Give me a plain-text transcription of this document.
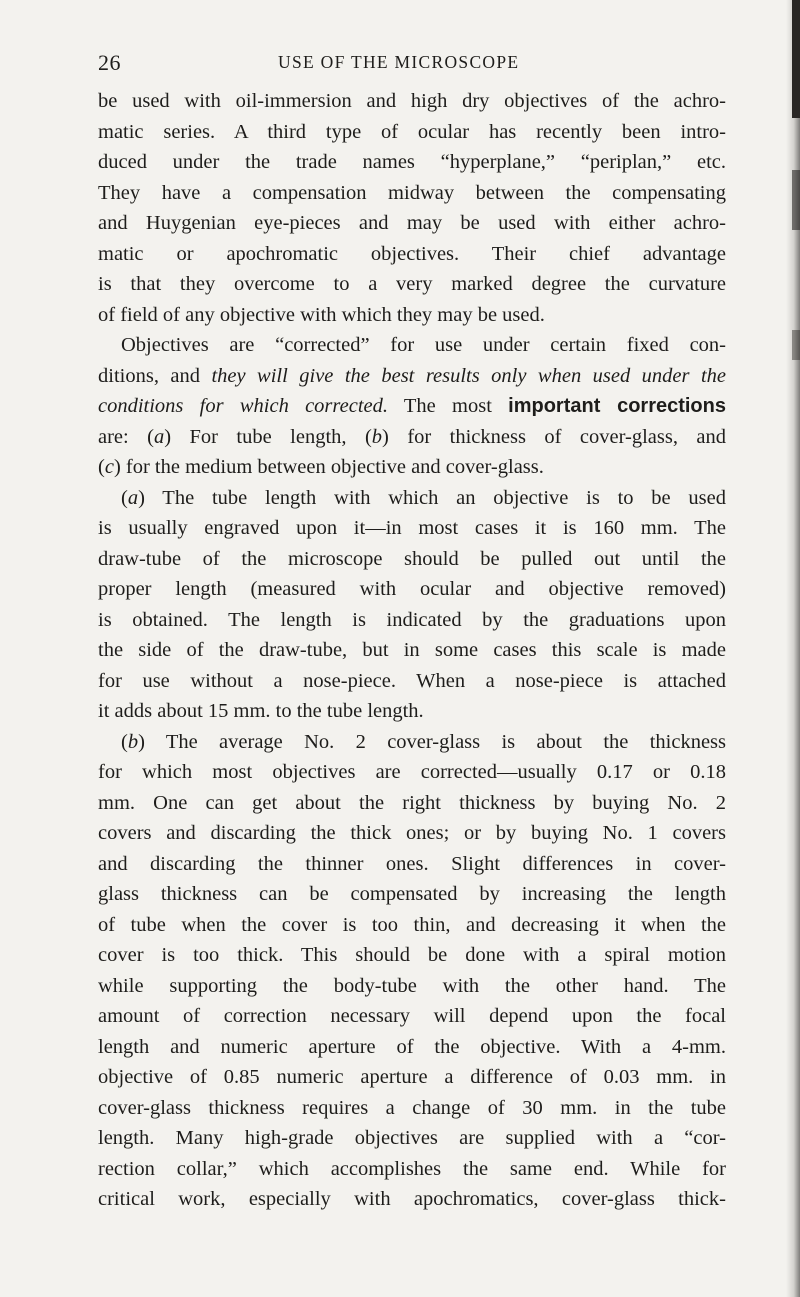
26	USE OF THE MICROSCOPE
be used with oil-immersion and high dry objectives of the achro-
matic series. A third type of ocular has recently been intro-
duced under the trade names “hyperplane,” “periplan,” etc.
They have a compensation midway between the compensating
and Huygenian eye-pieces and may be used with either achro-
matic or apochromatic objectives. Their chief advantage
is that they overcome to a very marked degree the curvature
of field of any objective with which they may be used.
Objectives are “corrected” for use under certain fixed con-
ditions, and they will give the best results only when used under the
conditions for which corrected. The most important corrections
are: (a) For tube length, (b) for thickness of cover-glass, and
(c) for the medium between objective and cover-glass.
(a) The tube length with which an objective is to be used
is usually engraved upon it—in most cases it is 160 mm. The
draw-tube of the microscope should be pulled out until the
proper length (measured with ocular and objective removed)
is obtained. The length is indicated by the graduations upon
the side of the draw-tube, but in some cases this scale is made
for use without a nose-piece. When a nose-piece is attached
it adds about 15 mm. to the tube length.
(b) The average No. 2 cover-glass is about the thickness
for which most objectives are corrected—usually 0.17 or 0.18
mm. One can get about the right thickness by buying No. 2
covers and discarding the thick ones; or by buying No. 1 covers
and discarding the thinner ones. Slight differences in cover-
glass thickness can be compensated by increasing the length
of tube when the cover is too thin, and decreasing it when the
cover is too thick. This should be done with a spiral motion
while supporting the body-tube with the other hand. The
amount of correction necessary will depend upon the focal
length and numeric aperture of the objective. With a 4-mm.
objective of 0.85 numeric aperture a difference of 0.03 mm. in
cover-glass thickness requires a change of 30 mm. in the tube
length. Many high-grade objectives are supplied with a “cor-
rection collar,” which accomplishes the same end. While for
critical work, especially with apochromatics, cover-glass thick-
